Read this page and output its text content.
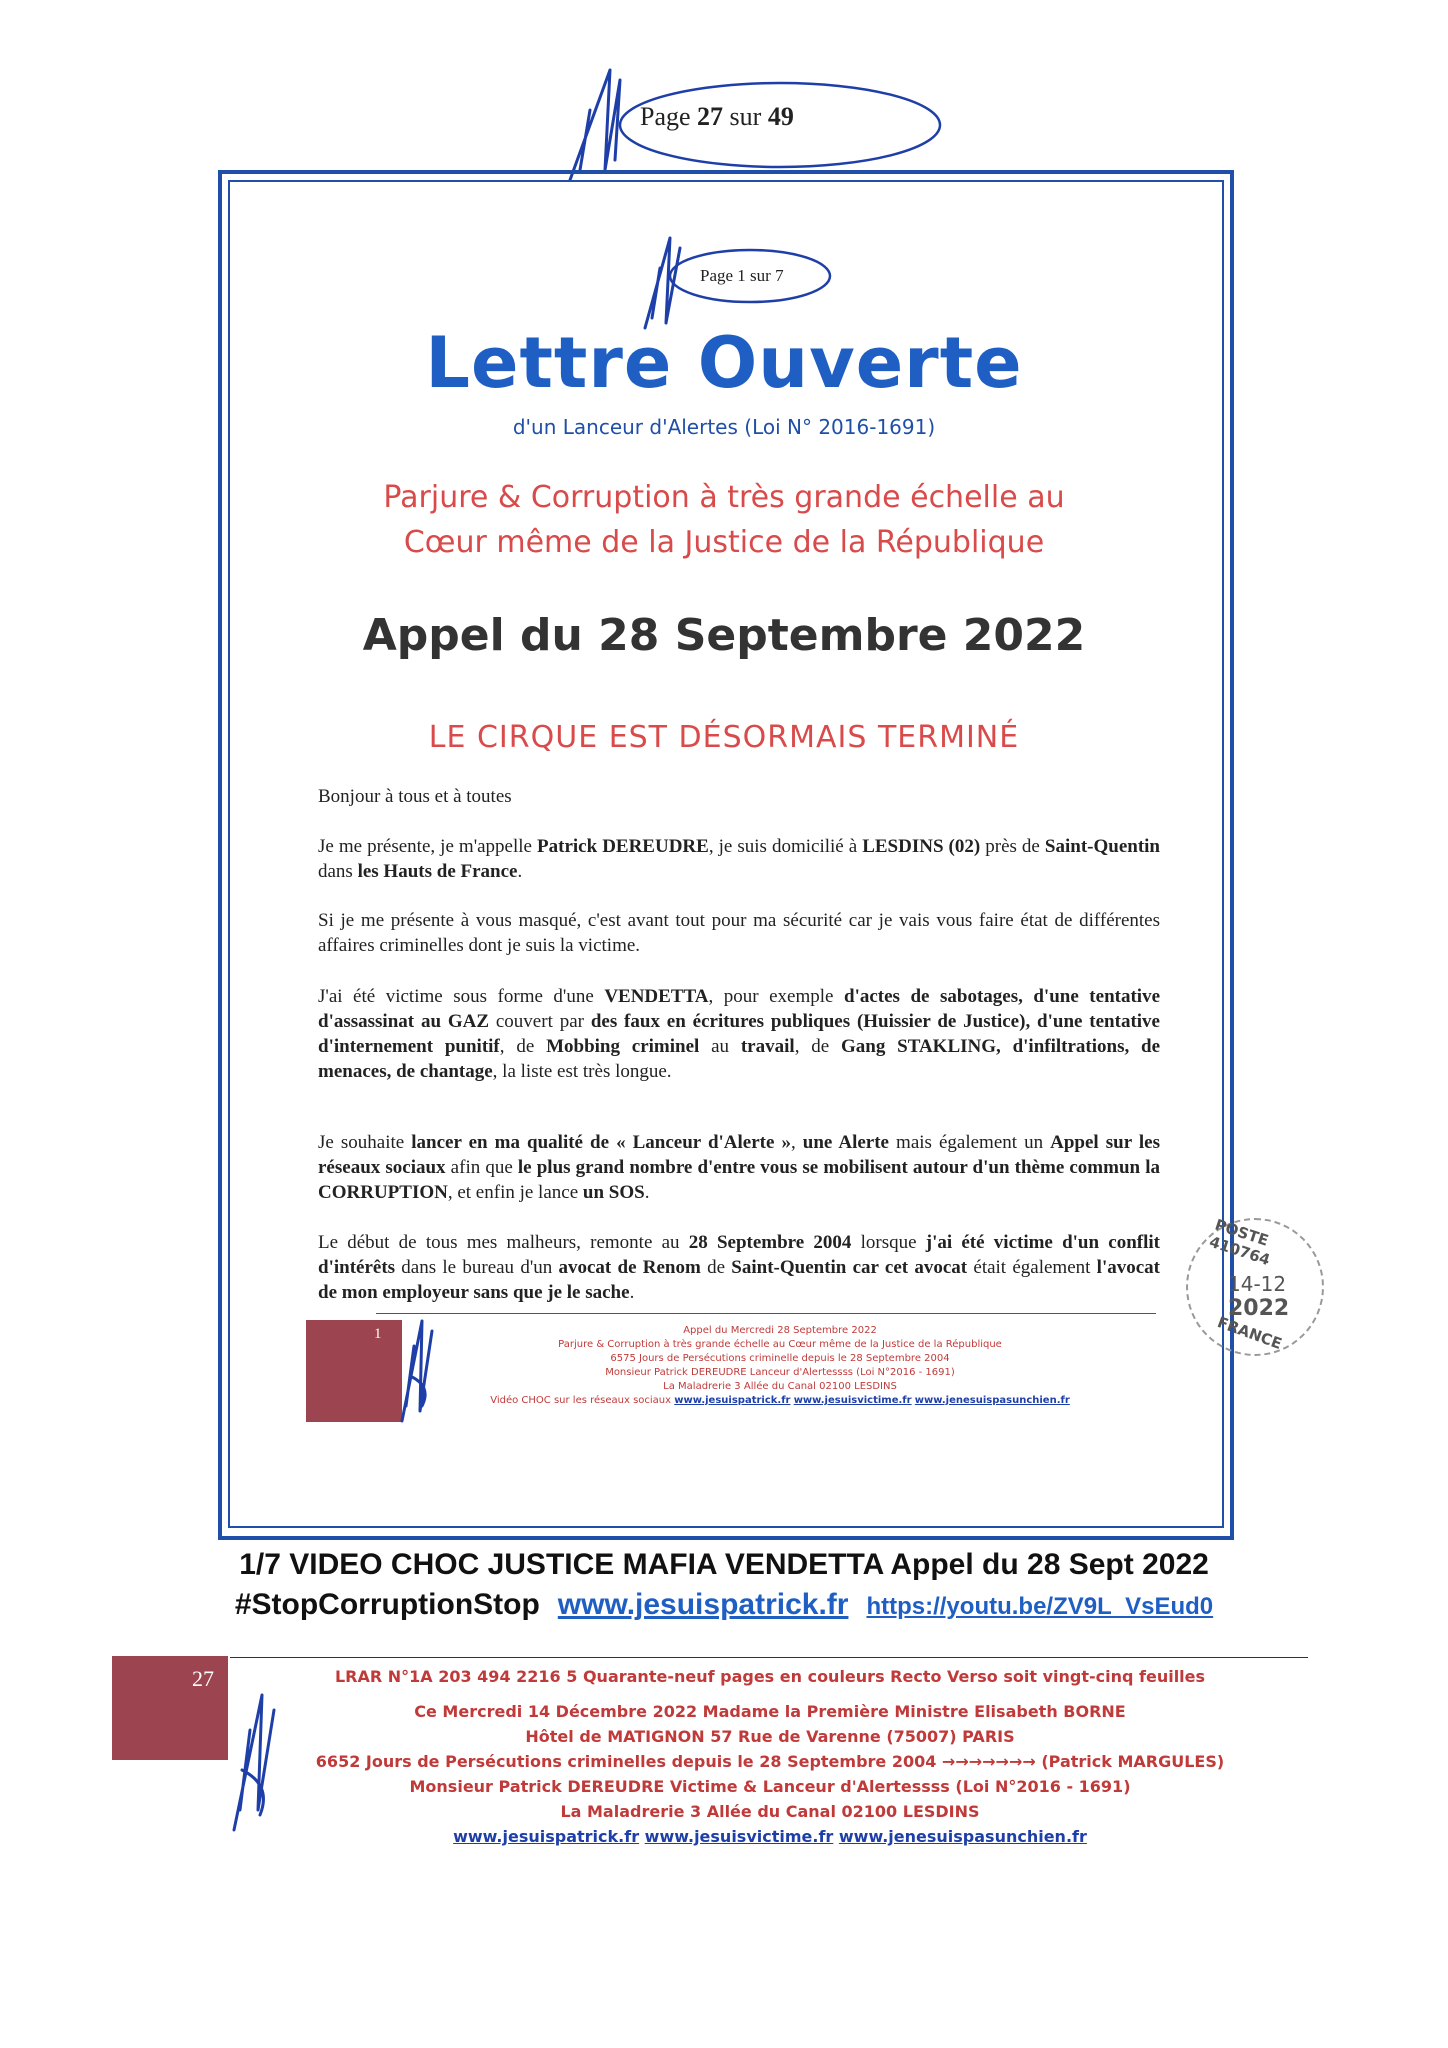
Page 27 sur 49
Page 1 sur 7
Lettre Ouverte
d'un Lanceur d'Alertes (Loi N° 2016-1691)
Parjure & Corruption à très grande échelle au
Cœur même de la Justice de la République
Appel du 28 Septembre 2022
LE CIRQUE EST DÉSORMAIS TERMINÉ
Bonjour à tous et à toutes
Je me présente, je m'appelle Patrick DEREUDRE, je suis domicilié à LESDINS (02) près de Saint-Quentin dans les Hauts de France.
Si je me présente à vous masqué, c'est avant tout pour ma sécurité car je vais vous faire état de différentes affaires criminelles dont je suis la victime.
J'ai été victime sous forme d'une VENDETTA, pour exemple d'actes de sabotages, d'une tentative d'assassinat au GAZ couvert par des faux en écritures publiques (Huissier de Justice), d'une tentative d'internement punitif, de Mobbing criminel au travail, de Gang STAKLING, d'infiltrations, de menaces, de chantage, la liste est très longue.
Je souhaite lancer en ma qualité de « Lanceur d'Alerte », une Alerte mais également un Appel sur les réseaux sociaux afin que le plus grand nombre d'entre vous se mobilisent autour d'un thème commun la CORRUPTION, et enfin je lance un SOS.
Le début de tous mes malheurs, remonte au 28 Septembre 2004 lorsque j'ai été victime d'un conflit d'intérêts dans le bureau d'un avocat de Renom de Saint-Quentin car cet avocat était également l'avocat de mon employeur sans que je le sache.
1	Appel du Mercredi 28 Septembre 2022
Parjure & Corruption à très grande échelle au Cœur même de la Justice de la République
6575 Jours de Persécutions criminelle depuis le 28 Septembre 2004
Monsieur Patrick DEREUDRE Lanceur d'Alertessss (Loi N°2016 - 1691)
La Maladrerie 3 Allée du Canal 02100 LESDINS
Vidéo CHOC sur les réseaux sociaux www.jesuispatrick.fr www.jesuisvictime.fr www.jenesuispasunchien.fr
POSTE 410764
14-12
2022
FRANCE
1/7 VIDEO CHOC JUSTICE MAFIA VENDETTA Appel du 28 Sept 2022
#StopCorruptionStop www.jesuispatrick.fr https://youtu.be/ZV9L_VsEud0
27	LRAR N°1A 203 494 2216 5 Quarante-neuf pages en couleurs Recto Verso soit vingt-cinq feuilles
Ce Mercredi 14 Décembre 2022 Madame la Première Ministre Elisabeth BORNE
Hôtel de MATIGNON 57 Rue de Varenne (75007) PARIS
6652 Jours de Persécutions criminelles depuis le 28 Septembre 2004 →→→→→→→ (Patrick MARGULES)
Monsieur Patrick DEREUDRE Victime & Lanceur d'Alertessss (Loi N°2016 - 1691)
La Maladrerie 3 Allée du Canal 02100 LESDINS
www.jesuispatrick.fr www.jesuisvictime.fr www.jenesuispasunchien.fr
